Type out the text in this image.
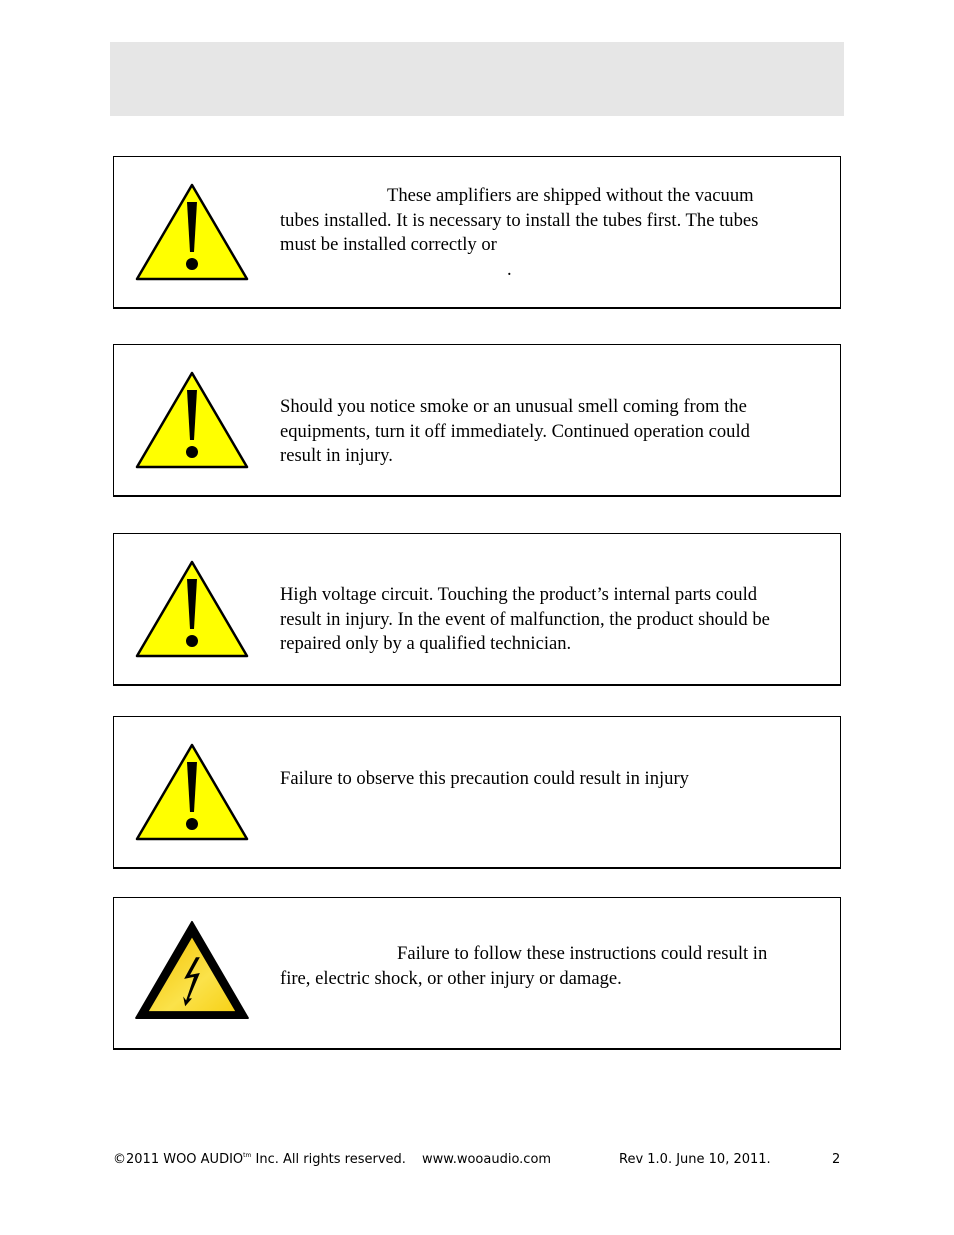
These amplifiers are shipped without the vacuum

tubes installed. It is necessary to install the tubes first. The tubes

must be installed correctly or

.

Should you notice smoke or an unusual smell coming from the

equipments, turn it off immediately. Continued operation could

result in injury.

High voltage circuit. Touching the product’s internal parts could

result in injury. In the event of malfunction, the product should be

repaired only by a qualified technician.

Failure to observe this precaution could result in injury

Failure to follow these instructions could result in

fire, electric shock, or other injury or damage.

©2011 WOO $AUDIO^{tm}$ Inc. All rights reserved. www.wooaudio.com	Rev 1.0. June 10, 2011.	2
